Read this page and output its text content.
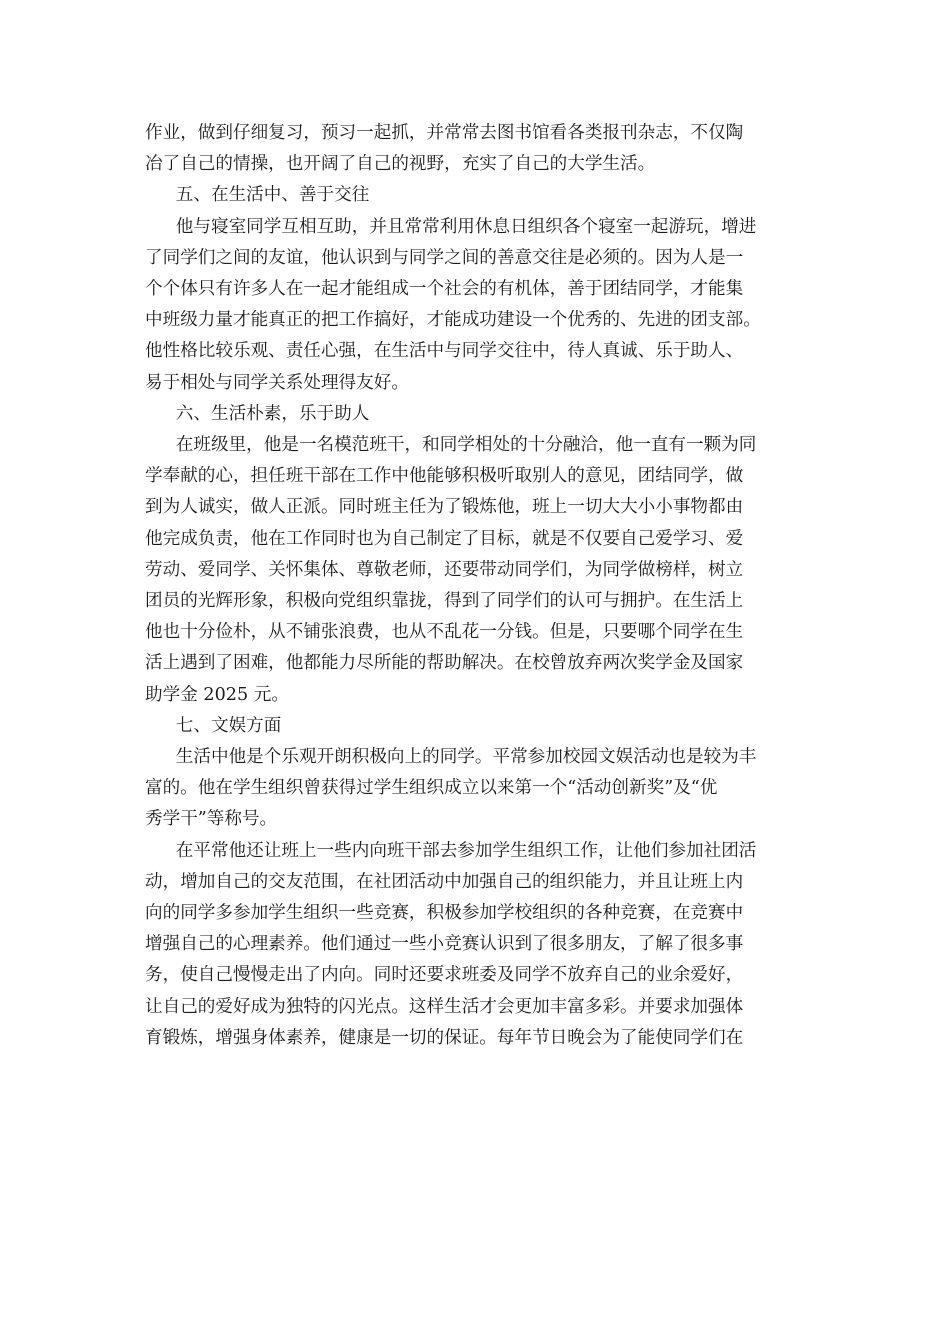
作业，做到仔细复习，预习一起抓，并常常去图书馆看各类报刊杂志，不仅陶
冶了自己的情操，也开阔了自己的视野，充实了自己的大学生活。
五、在生活中、善于交往
他与寝室同学互相互助，并且常常利用休息日组织各个寝室一起游玩，增进
了同学们之间的友谊，他认识到与同学之间的善意交往是必须的。因为人是一
个个体只有许多人在一起才能组成一个社会的有机体，善于团结同学，才能集
中班级力量才能真正的把工作搞好，才能成功建设一个优秀的、先进的团支部。
他性格比较乐观、责任心强，在生活中与同学交往中，待人真诚、乐于助人、
易于相处与同学关系处理得友好。
六、生活朴素，乐于助人
在班级里，他是一名模范班干，和同学相处的十分融洽，他一直有一颗为同
学奉献的心，担任班干部在工作中他能够积极听取别人的意见，团结同学，做
到为人诚实，做人正派。同时班主任为了锻炼他，班上一切大大小小事物都由
他完成负责，他在工作同时也为自己制定了目标，就是不仅要自己爱学习、爱
劳动、爱同学、关怀集体、尊敬老师，还要带动同学们，为同学做榜样，树立
团员的光辉形象，积极向党组织靠拢，得到了同学们的认可与拥护。在生活上
他也十分俭朴，从不铺张浪费，也从不乱花一分钱。但是，只要哪个同学在生
活上遇到了困难，他都能力尽所能的帮助解决。在校曾放弃两次奖学金及国家
助学金 2025 元。
七、文娱方面
生活中他是个乐观开朗积极向上的同学。平常参加校园文娱活动也是较为丰
富的。他在学生组织曾获得过学生组织成立以来第一个“活动创新奖”及“优
秀学干”等称号。
在平常他还让班上一些内向班干部去参加学生组织工作，让他们参加社团活
动，增加自己的交友范围，在社团活动中加强自己的组织能力，并且让班上内
向的同学多参加学生组织一些竞赛，积极参加学校组织的各种竞赛，在竞赛中
增强自己的心理素养。他们通过一些小竞赛认识到了很多朋友，了解了很多事
务，使自己慢慢走出了内向。同时还要求班委及同学不放弃自己的业余爱好，
让自己的爱好成为独特的闪光点。这样生活才会更加丰富多彩。并要求加强体
育锻炼，增强身体素养，健康是一切的保证。每年节日晚会为了能使同学们在
